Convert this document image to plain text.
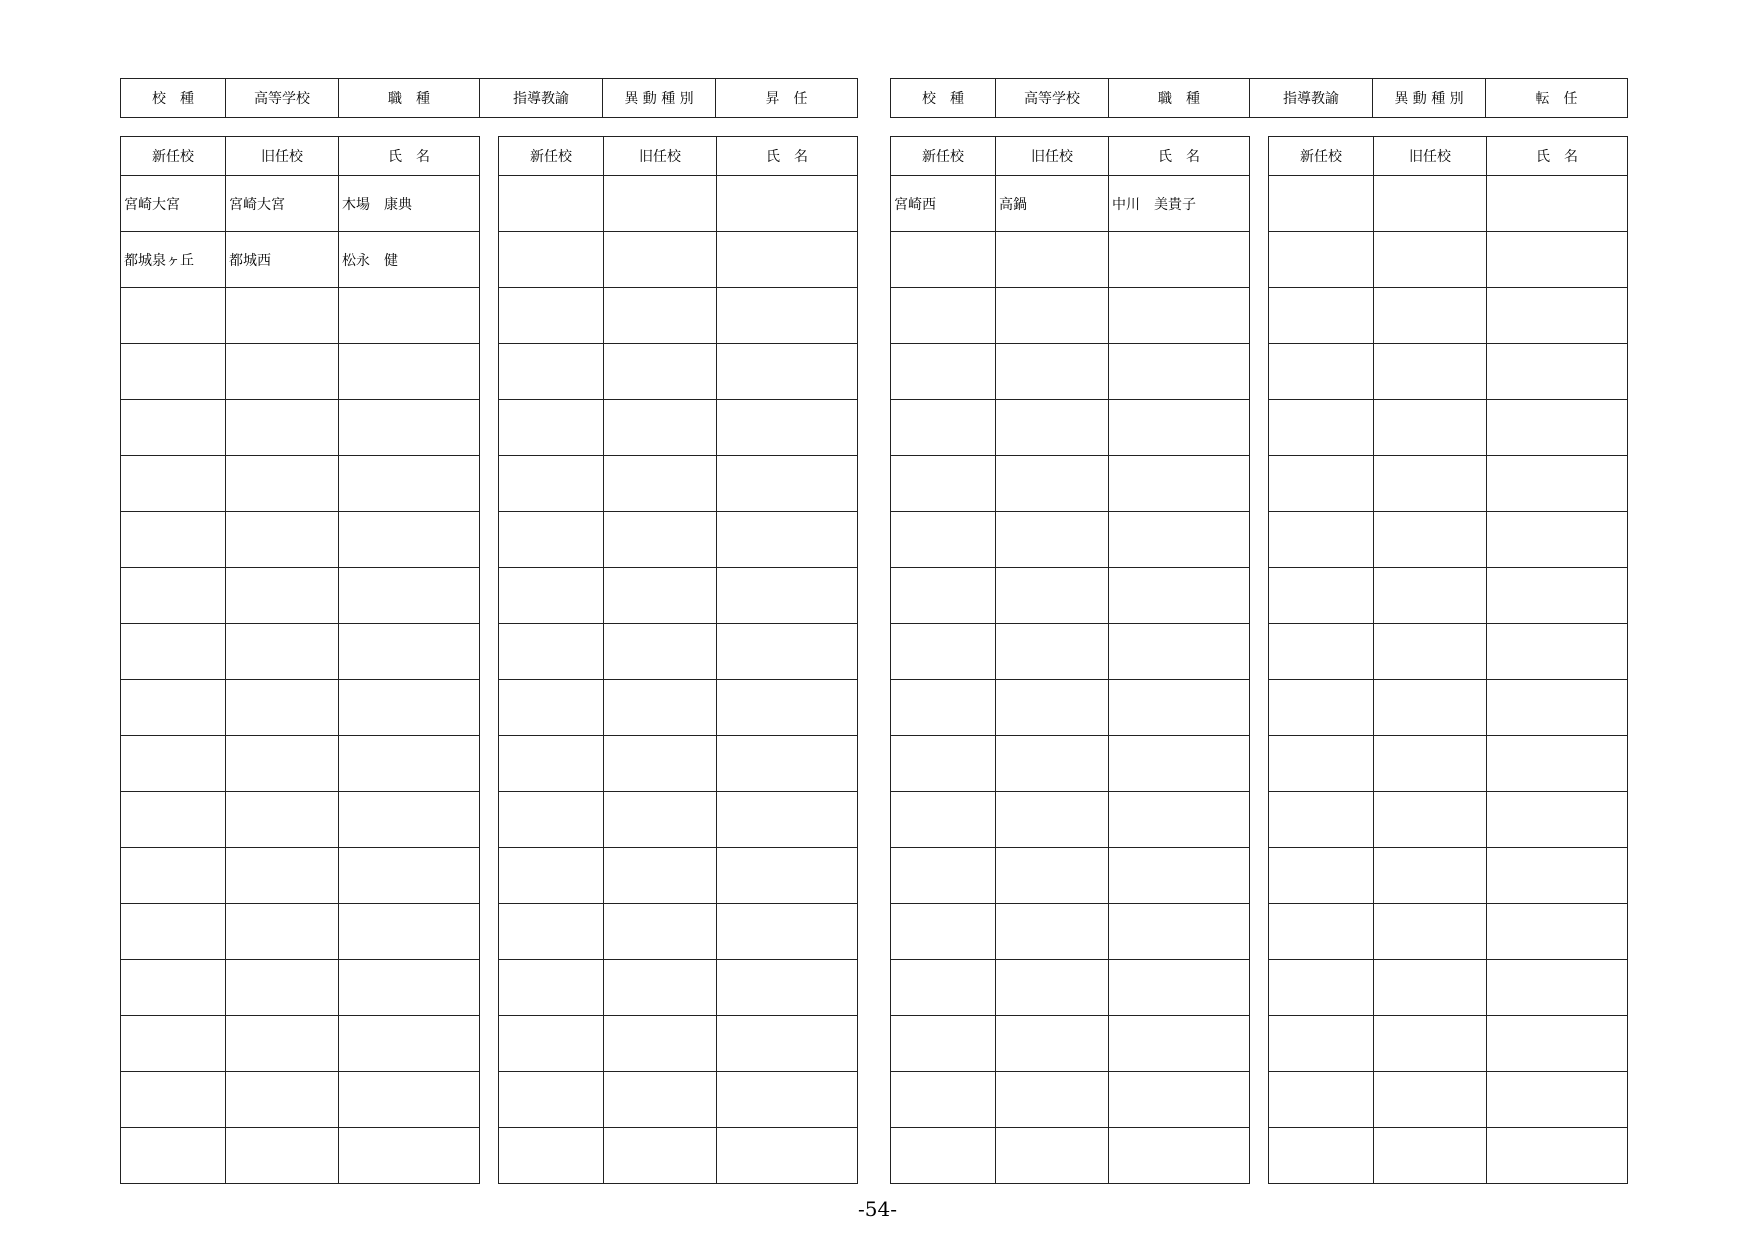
校　種	高等学校	職　種	指導教諭	異 動 種 別	昇　任	校　種	高等学校	職　種	指導教諭	異 動 種 別	転　任
新任校	旧任校	氏　名
宮崎大宮	宮崎大宮	木場　康典
都城泉ヶ丘	都城西	松永　健

新任校	旧任校	氏　名

			新任校	旧任校	氏　名
宮崎西	高鍋	中川　美貴子

新任校	旧任校	氏　名

-54-
